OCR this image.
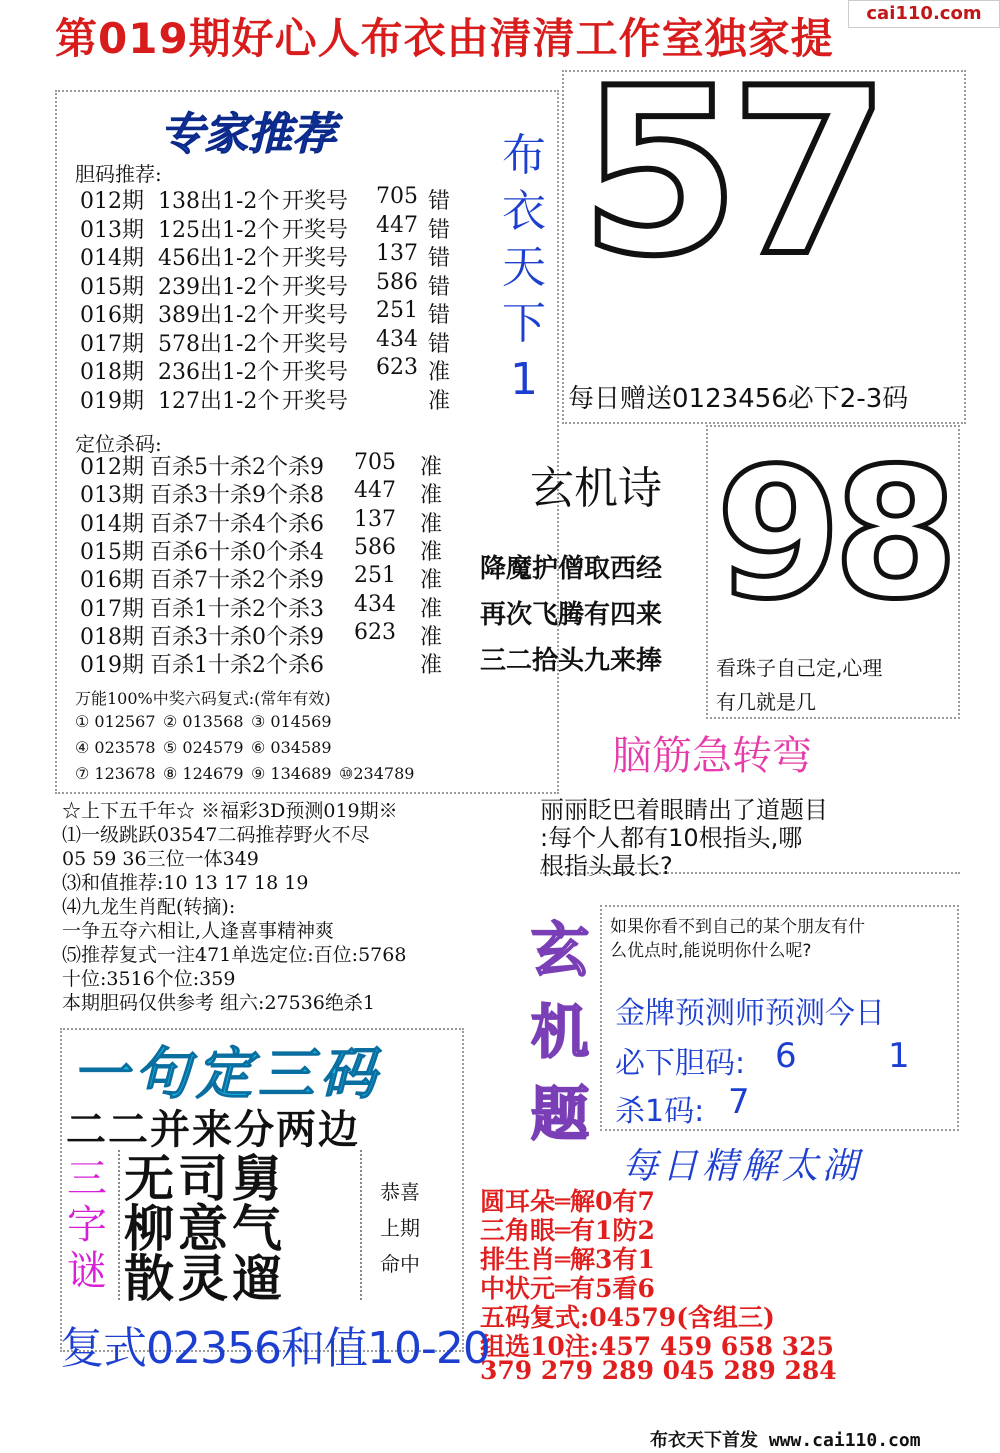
cai110.com
第019期好心人布衣由清清工作室独家提
专家推荐
胆码推荐:
012期 138出1-2个 开奖号 705 错
013期 125出1-2个 开奖号 447 错
014期 456出1-2个 开奖号 137 错
015期 239出1-2个 开奖号 586 错
016期 389出1-2个 开奖号 251 错
017期 578出1-2个 开奖号 434 错
018期 236出1-2个 开奖号 623 准
019期 127出1-2个 开奖号	准
定位杀码:
012期 百杀5十杀2个杀9 705 准
013期 百杀3十杀9个杀8 447 准
014期 百杀7十杀4个杀6 137 准
015期 百杀6十杀0个杀4 586 准
016期 百杀7十杀2个杀9 251 准
017期 百杀1十杀2个杀3 434 准
018期 百杀3十杀0个杀9 623 准
019期 百杀1十杀2个杀6	准
万能100%中奖六码复式:(常年有效)
① 012567 ② 013568 ③ 014569
④ 023578 ⑤ 024579 ⑥ 034589
⑦ 123678 ⑧ 124679 ⑨ 134689 ⑩234789
☆上下五千年☆ ※福彩3D预测019期※
⑴一级跳跃03547二码推荐野火不尽
05 59 36三位一体349
⑶和值推荐:10 13 17 18 19
⑷九龙生肖配(转摘):
一争五夺六相让,人逢喜事精神爽
⑸推荐复式一注471单选定位:百位:5768
十位:3516个位:359
本期胆码仅供参考 组六:27536绝杀1
布
衣
天
下
1
57
每日赠送0123456必下2-3码
玄机诗
降魔护僧取西经
再次飞腾有四来
三二拾头九来捧
98
看珠子自己定,心理
有几就是几
脑筋急转弯
丽丽眨巴着眼睛出了道题目
:每个人都有10根指头,哪
根指头最长?
玄
机
题
如果你看不到自己的某个朋友有什
么优点时,能说明你什么呢?
金牌预测师预测今日
必下胆码: 6	1
杀1码: 7
每日精解太湖
圆耳朵═解0有7
三角眼═有1防2
排生肖═解3有1
中状元═有5看6
五码复式:04579(含组三)
组选10注:457 459 658 325
379 279 289 045 289 284
一句定三码
二二并来分两边
三
字
谜
无司舅
柳意气
散灵遛
恭喜
上期
命中
复式02356和值10-20
布衣天下首发 www.cai110.com
